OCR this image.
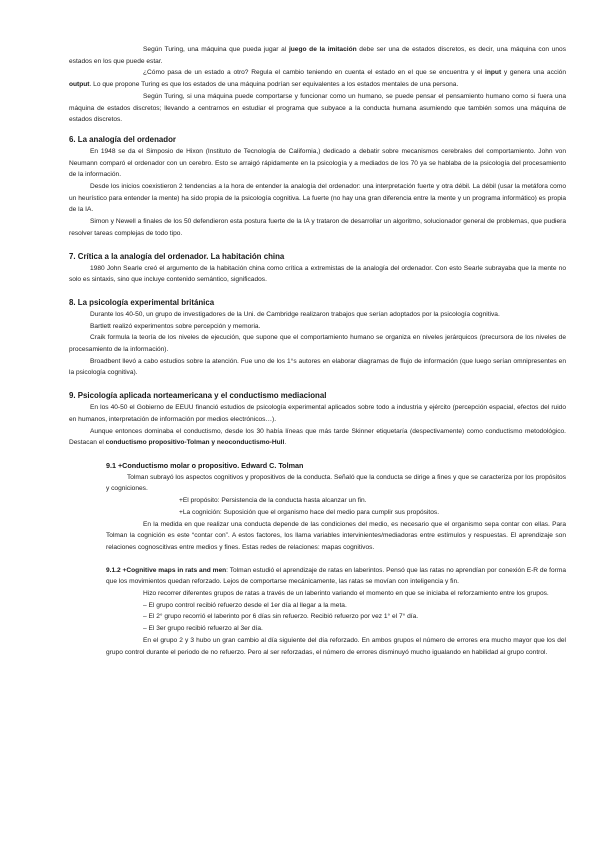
Según Turing, una máquina que pueda jugar al juego de la imitación debe ser una de estados discretos, es decir, una máquina con unos estados en los que puede estar.

¿Cómo pasa de un estado a otro? Regula el cambio teniendo en cuenta el estado en el que se encuentra y el input y genera una acción output. Lo que propone Turing es que los estados de una máquina podrían ser equivalentes a los estados mentales de una persona.

Según Turing, si una máquina puede comportarse y funcionar como un humano, se puede pensar el pensamiento humano como si fuera una máquina de estados discretos; llevando a centrarnos en estudiar el programa que subyace a la conducta humana asumiendo que también somos una máquina de estados discretos.

6. La analogía del ordenador

En 1948 se da el Simposio de Hixon (Instituto de Tecnología de California,) dedicado a debatir sobre mecanismos cerebrales del comportamiento. John von Neumann comparó el ordenador con un cerebro. Esto se arraigó rápidamente en la psicología y a mediados de los 70 ya se hablaba de la psicología del procesamiento de la información.

Desde los inicios coexistieron 2 tendencias a la hora de entender la analogía del ordenador: una interpretación fuerte y otra débil. La débil (usar la metáfora como un heurístico para entender la mente) ha sido propia de la psicología cognitiva. La fuerte (no hay una gran diferencia entre la mente y un programa informático) es propia de la IA.

Simon y Newell a finales de los 50 defendieron esta postura fuerte de la IA y trataron de desarrollar un algoritmo, solucionador general de problemas, que pudiera resolver tareas complejas de todo tipo.

7. Crítica a la analogía del ordenador. La habitación china

1980 John Searle creó el argumento de la habitación china como crítica a extremistas de la analogía del ordenador. Con esto Searle subrayaba que la mente no solo es sintaxis, sino que incluye contenido semántico, significados.

8. La psicología experimental británica

Durante los 40-50, un grupo de investigadores de la Uni. de Cambridge realizaron trabajos que serían adoptados por la psicología cognitiva.

Bartlett realizó experimentos sobre percepción y memoria.

Craik formula la teoría de los niveles de ejecución, que supone que el comportamiento humano se organiza en niveles jerárquicos (precursora de los niveles de procesamiento de la información).

Broadbent llevó a cabo estudios sobre la atención. Fue uno de los 1°s autores en elaborar diagramas de flujo de información (que luego serían omnipresentes en la psicología cognitiva).

9. Psicología aplicada norteamericana y el conductismo mediacional

En los 40-50 el Gobierno de EEUU financió estudios de psicología experimental aplicados sobre todo a industria y ejército (percepción espacial, efectos del ruido en humanos, interpretación de información por medios electrónicos…).

Aunque entonces dominaba el conductismo, desde los 30 había líneas que más tarde Skinner etiquetaría (despectivamente) como conductismo metodológico. Destacan el conductismo propositivo-Tolman y neoconductismo-Hull.

9.1 +Conductismo molar o propositivo. Edward C. Tolman

Tolman subrayó los aspectos cognitivos y propositivos de la conducta. Señaló que la conducta se dirige a fines y que se caracteriza por los propósitos y cogniciones.

+El propósito: Persistencia de la conducta hasta alcanzar un fin.

+La cognición: Suposición que el organismo hace del medio para cumplir sus propósitos.

En la medida en que realizar una conducta depende de las condiciones del medio, es necesario que el organismo sepa contar con ellas. Para Tolman la cognición es este “contar con”. A estos factores, los llama variables intervinientes/mediadoras entre estímulos y respuestas. El aprendizaje son relaciones cognoscitivas entre medios y fines. Estas redes de relaciones: mapas cognitivos.

9.1.2 +Cognitive maps in rats and men: Tolman estudió el aprendizaje de ratas en laberintos. Pensó que las ratas no aprendían por conexión E-R de forma que los movimientos quedan reforzado. Lejos de comportarse mecánicamente, las ratas se movían con inteligencia y fin.

Hizo recorrer diferentes grupos de ratas a través de un laberinto variando el momento en que se iniciaba el reforzamiento entre los grupos.

– El grupo control recibió refuerzo desde el 1er día al llegar a la meta.

– El 2° grupo recorrió el laberinto por 6 días sin refuerzo. Recibió refuerzo por vez 1° el 7° día.

– El 3er grupo recibió refuerzo al 3er día.

En el grupo 2 y 3 hubo un gran cambio al día siguiente del día reforzado. En ambos grupos el número de errores era mucho mayor que los del grupo control durante el periodo de no refuerzo. Pero al ser reforzadas, el número de errores disminuyó mucho igualando en habilidad al grupo control.
